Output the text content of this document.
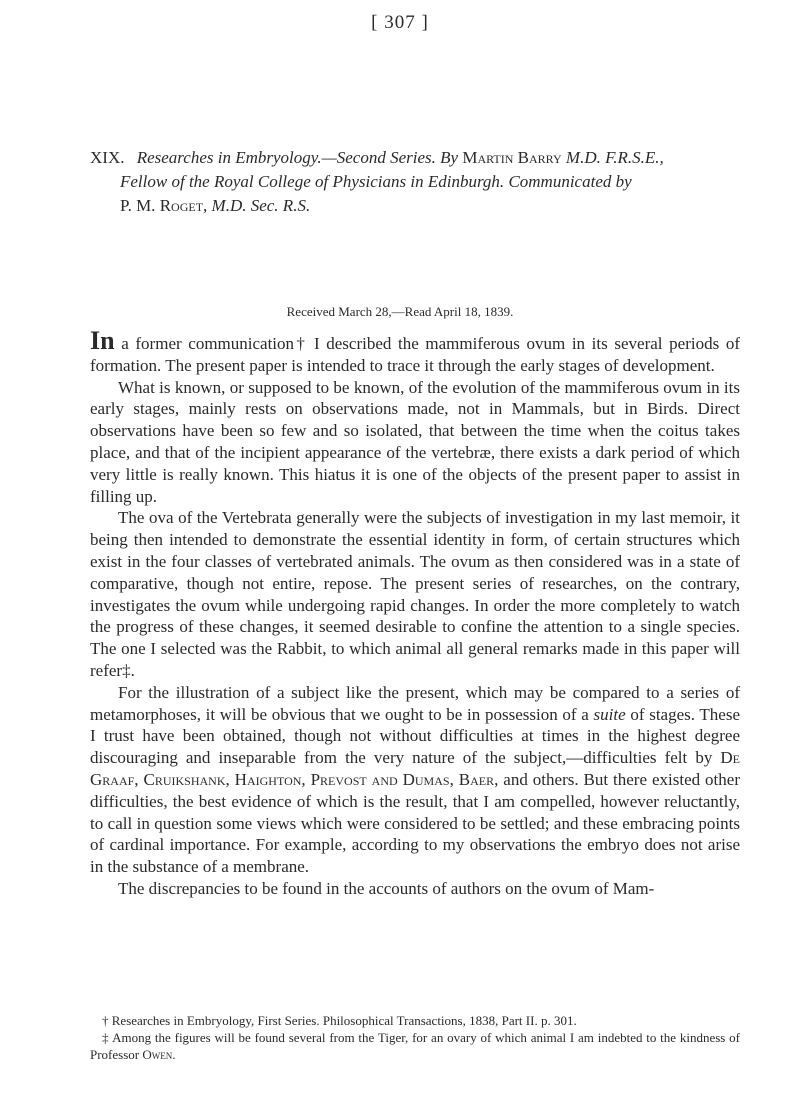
[ 307 ]
XIX. Researches in Embryology.—Second Series. By Martin Barry M.D. F.R.S.E.,
Fellow of the Royal College of Physicians in Edinburgh. Communicated by
P. M. Roget, M.D. Sec. R.S.
Received March 28,—Read April 18, 1839.

In a former communication† I described the mammiferous ovum in its several periods of formation. The present paper is intended to trace it through the early stages of development.

What is known, or supposed to be known, of the evolution of the mammiferous ovum in its early stages, mainly rests on observations made, not in Mammals, but in Birds. Direct observations have been so few and so isolated, that between the time when the coitus takes place, and that of the incipient appearance of the vertebræ, there exists a dark period of which very little is really known. This hiatus it is one of the objects of the present paper to assist in filling up.

The ova of the Vertebrata generally were the subjects of investigation in my last memoir, it being then intended to demonstrate the essential identity in form, of certain structures which exist in the four classes of vertebrated animals. The ovum as then considered was in a state of comparative, though not entire, repose. The present series of researches, on the contrary, investigates the ovum while undergoing rapid changes. In order the more completely to watch the progress of these changes, it seemed desirable to confine the attention to a single species. The one I selected was the Rabbit, to which animal all general remarks made in this paper will refer‡.

For the illustration of a subject like the present, which may be compared to a series of metamorphoses, it will be obvious that we ought to be in possession of a suite of stages. These I trust have been obtained, though not without difficulties at times in the highest degree discouraging and inseparable from the very nature of the subject,—difficulties felt by De Graaf, Cruikshank, Haighton, Prevost and Dumas, Baer, and others. But there existed other difficulties, the best evidence of which is the result, that I am compelled, however reluctantly, to call in question some views which were considered to be settled; and these embracing points of cardinal importance. For example, according to my observations the embryo does not arise in the substance of a membrane.

The discrepancies to be found in the accounts of authors on the ovum of Mam-

† Researches in Embryology, First Series. Philosophical Transactions, 1838, Part II. p. 301.

‡ Among the figures will be found several from the Tiger, for an ovary of which animal I am indebted to the kindness of Professor Owen.
